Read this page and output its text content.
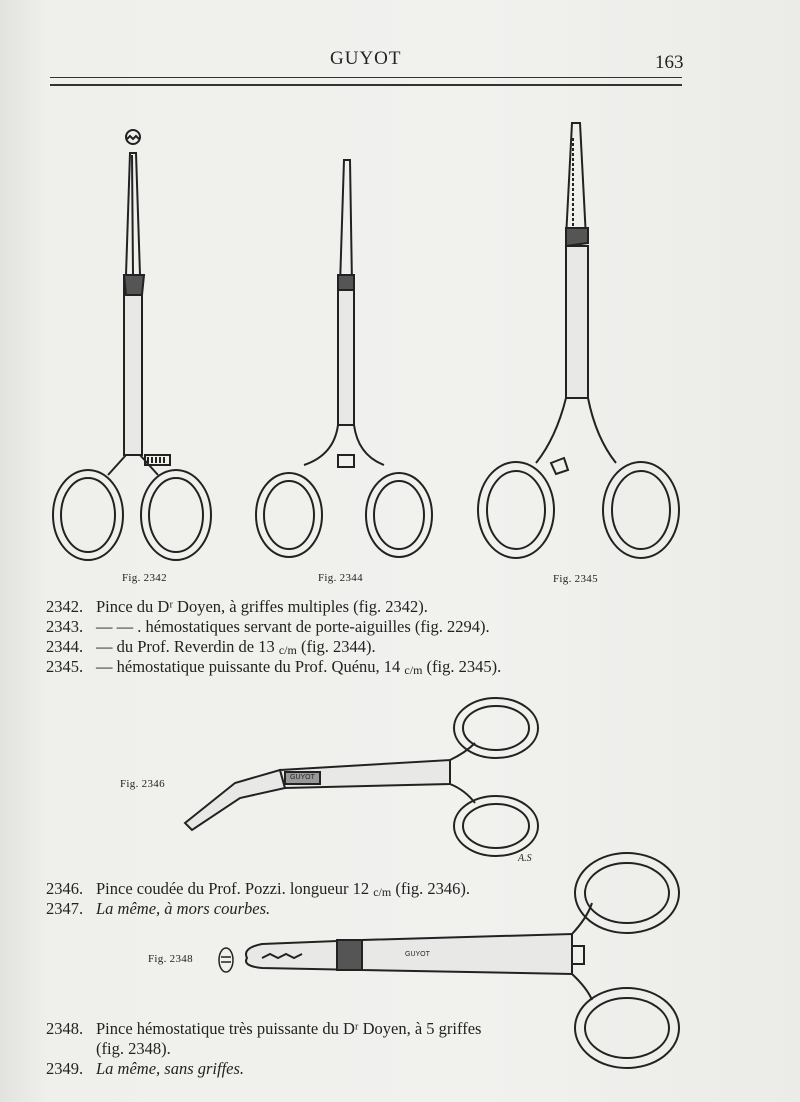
GUYOT	163
Fig. 2342	Fig. 2344	Fig. 2345
2342. Pince du Dʳ Doyen, à griffes multiples (fig. 2342).
2343. — — . hémostatiques servant de porte-aiguilles (fig. 2294).
2344. — du Prof. Reverdin de 13 c/m (fig. 2344).
2345. — hémostatique puissante du Prof. Quénu, 14 c/m (fig. 2345).
Fig. 2346
GUYOT
A.S
2346. Pince coudée du Prof. Pozzi. longueur 12 c/m (fig. 2346).
2347. La même, à mors courbes.
Fig. 2348	GUYOT
2348. Pince hémostatique très puissante du Dʳ Doyen, à 5 griffes
(fig. 2348).
2349. La même, sans griffes.
